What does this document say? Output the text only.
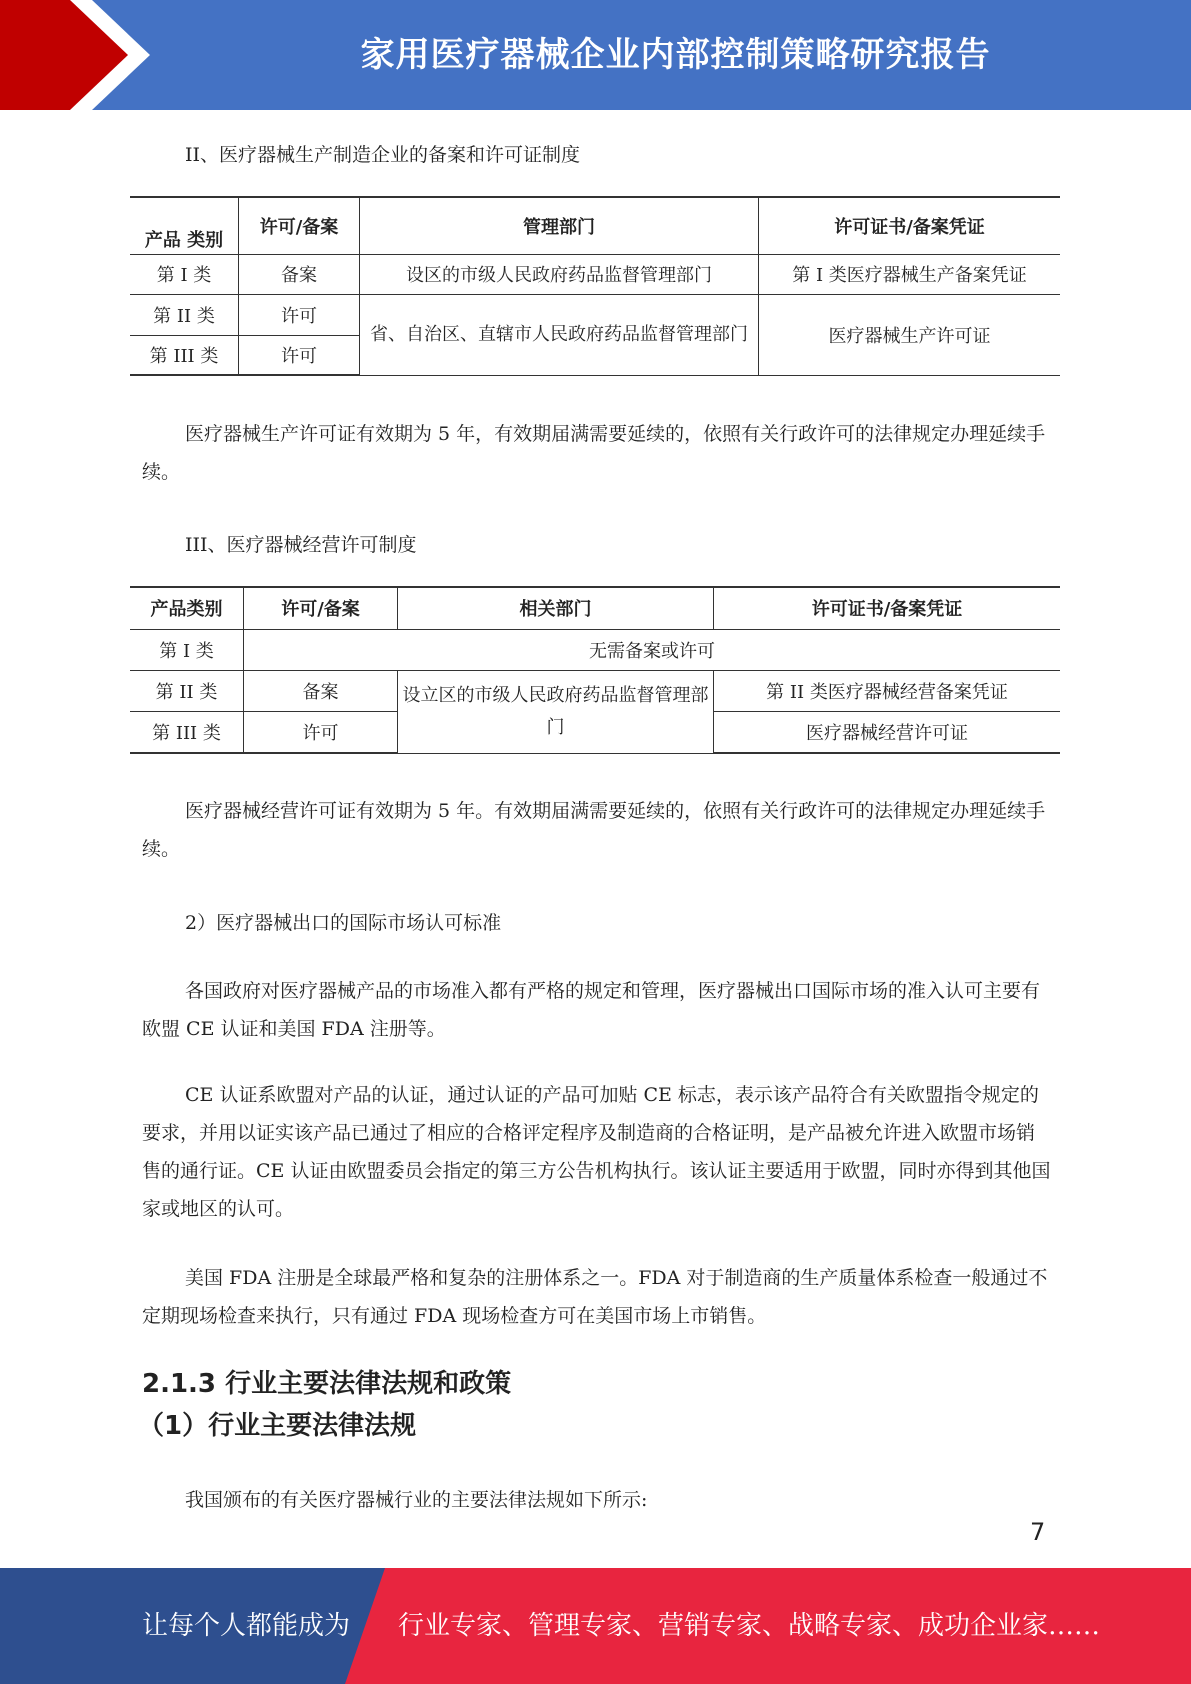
家用医疗器械企业内部控制策略研究报告

II、医疗器械生产制造企业的备案和许可证制度

产品 类别	许可/备案	管理部门	许可证书/备案凭证
第 I 类	备案	设区的市级人民政府药品监督管理部门	第 I 类医疗器械生产备案凭证
第 II 类	许可	省、自治区、直辖市人民政府药品监督管理部门	医疗器械生产许可证
第 III 类	许可		

医疗器械生产许可证有效期为 5 年，有效期届满需要延续的，依照有关行政许可的法律规定办理延续手续。

III、医疗器械经营许可制度

产品类别	许可/备案	相关部门	许可证书/备案凭证
第 I 类	无需备案或许可		
第 II 类	备案	设立区的市级人民政府药品监督管理部门	第 II 类医疗器械经营备案凭证
第 III 类	许可		医疗器械经营许可证

医疗器械经营许可证有效期为 5 年。有效期届满需要延续的，依照有关行政许可的法律规定办理延续手续。

2）医疗器械出口的国际市场认可标准

各国政府对医疗器械产品的市场准入都有严格的规定和管理，医疗器械出口国际市场的准入认可主要有欧盟 CE 认证和美国 FDA 注册等。

CE 认证系欧盟对产品的认证，通过认证的产品可加贴 CE 标志，表示该产品符合有关欧盟指令规定的要求，并用以证实该产品已通过了相应的合格评定程序及制造商的合格证明，是产品被允许进入欧盟市场销售的通行证。CE 认证由欧盟委员会指定的第三方公告机构执行。该认证主要适用于欧盟，同时亦得到其他国家或地区的认可。

美国 FDA 注册是全球最严格和复杂的注册体系之一。FDA 对于制造商的生产质量体系检查一般通过不定期现场检查来执行，只有通过 FDA 现场检查方可在美国市场上市销售。

2.1.3 行业主要法律法规和政策

（1）行业主要法律法规

我国颁布的有关医疗器械行业的主要法律法规如下所示:

7
让每个人都能成为 行业专家、管理专家、营销专家、战略专家、成功企业家……
